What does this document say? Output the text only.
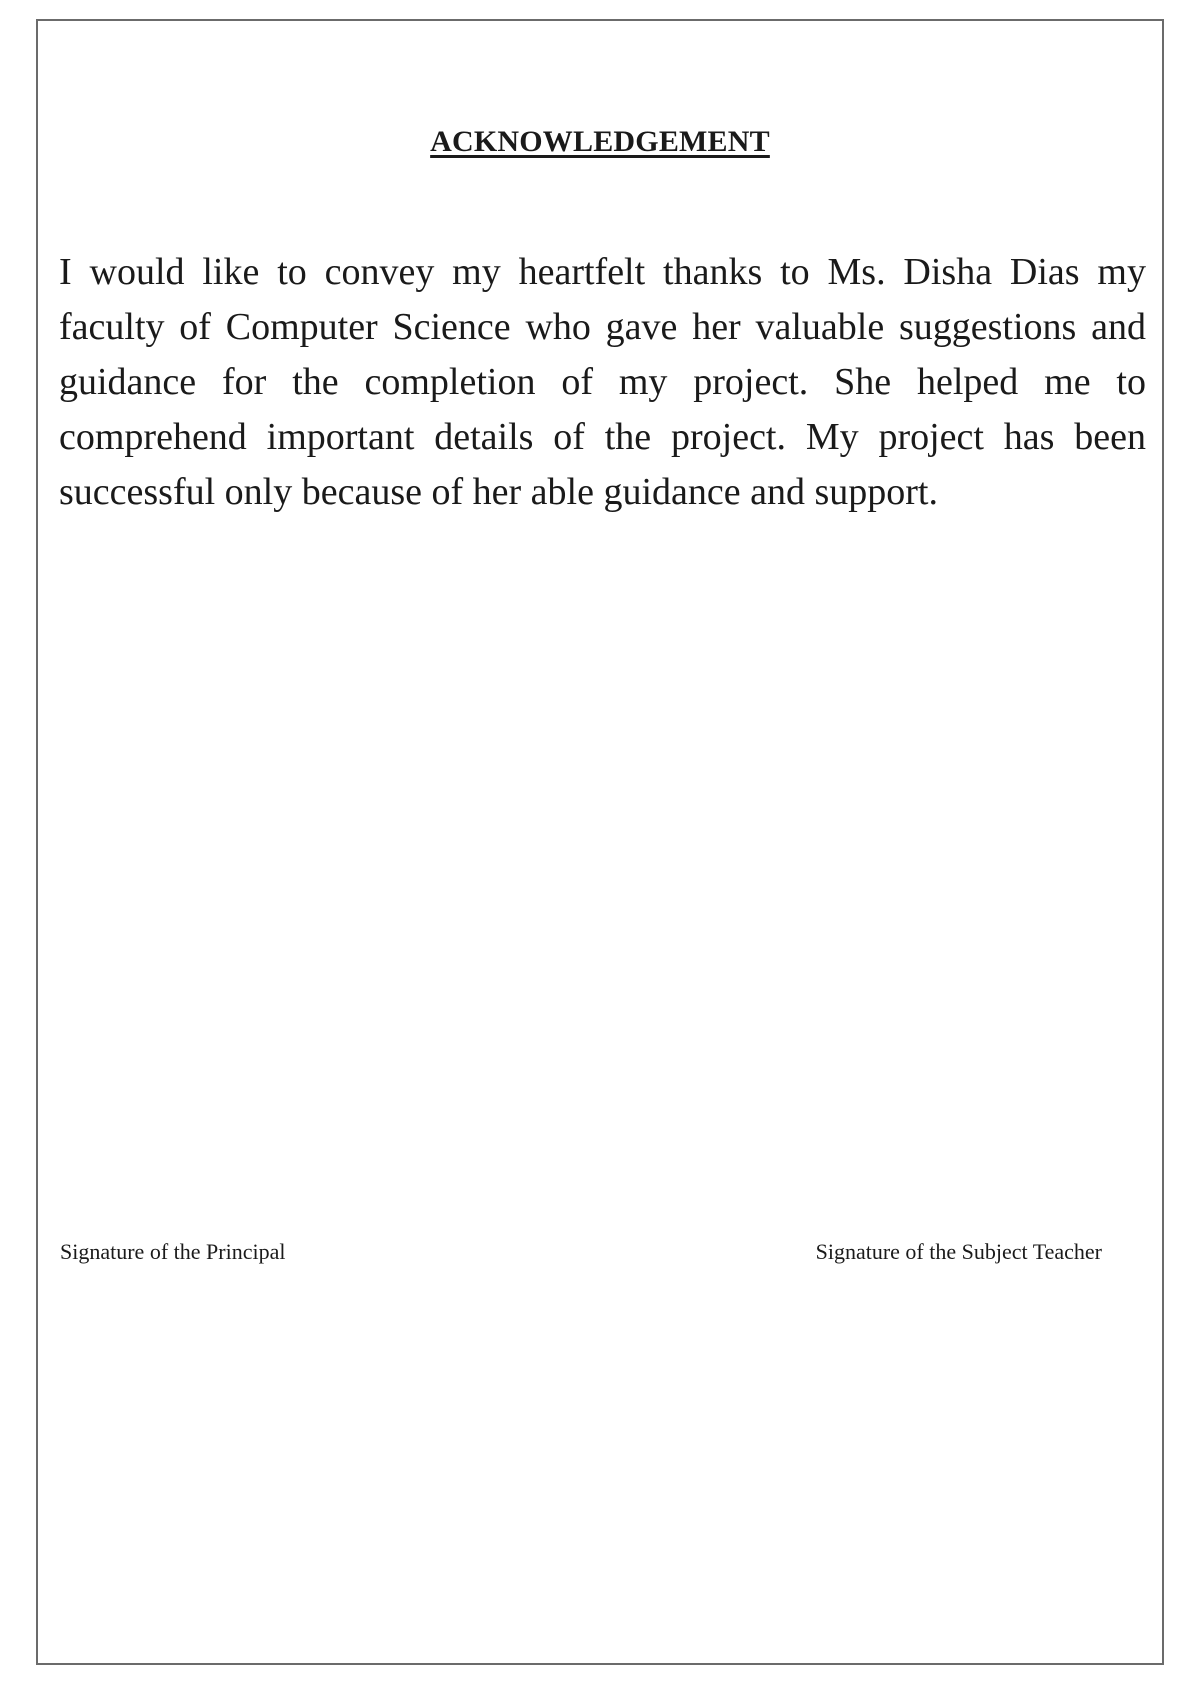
ACKNOWLEDGEMENT

I would like to convey my heartfelt thanks to Ms. Disha Dias my faculty of Computer Science who gave her valuable suggestions and guidance for the completion of my project. She helped me to comprehend important details of the project. My project has been successful only because of her able guidance and support.

Signature of the Principal	Signature of the Subject Teacher
